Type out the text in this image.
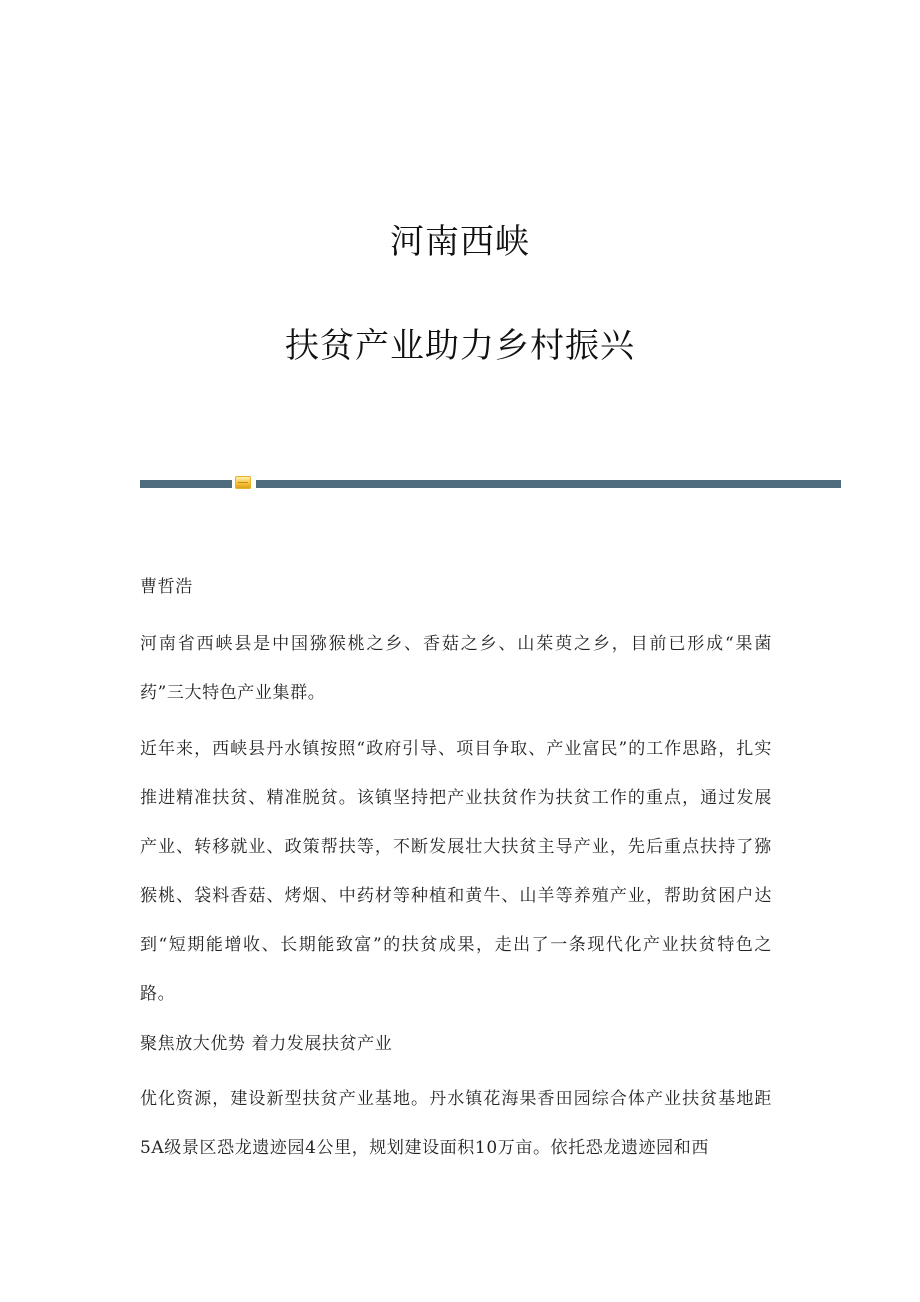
河南西峡
扶贫产业助力乡村振兴

曹哲浩

河南省西峡县是中国猕猴桃之乡、香菇之乡、山茱萸之乡，目前已形成“果菌药”三大特色产业集群。

近年来，西峡县丹水镇按照“政府引导、项目争取、产业富民”的工作思路，扎实推进精准扶贫、精准脱贫。该镇坚持把产业扶贫作为扶贫工作的重点，通过发展产业、转移就业、政策帮扶等，不断发展壮大扶贫主导产业，先后重点扶持了猕猴桃、袋料香菇、烤烟、中药材等种植和黄牛、山羊等养殖产业，帮助贫困户达到“短期能增收、长期能致富”的扶贫成果，走出了一条现代化产业扶贫特色之路。

聚焦放大优势 着力发展扶贫产业

优化资源，建设新型扶贫产业基地。丹水镇花海果香田园综合体产业扶贫基地距5A级景区恐龙遗迹园4公里，规划建设面积10万亩。依托恐龙遗迹园和西
